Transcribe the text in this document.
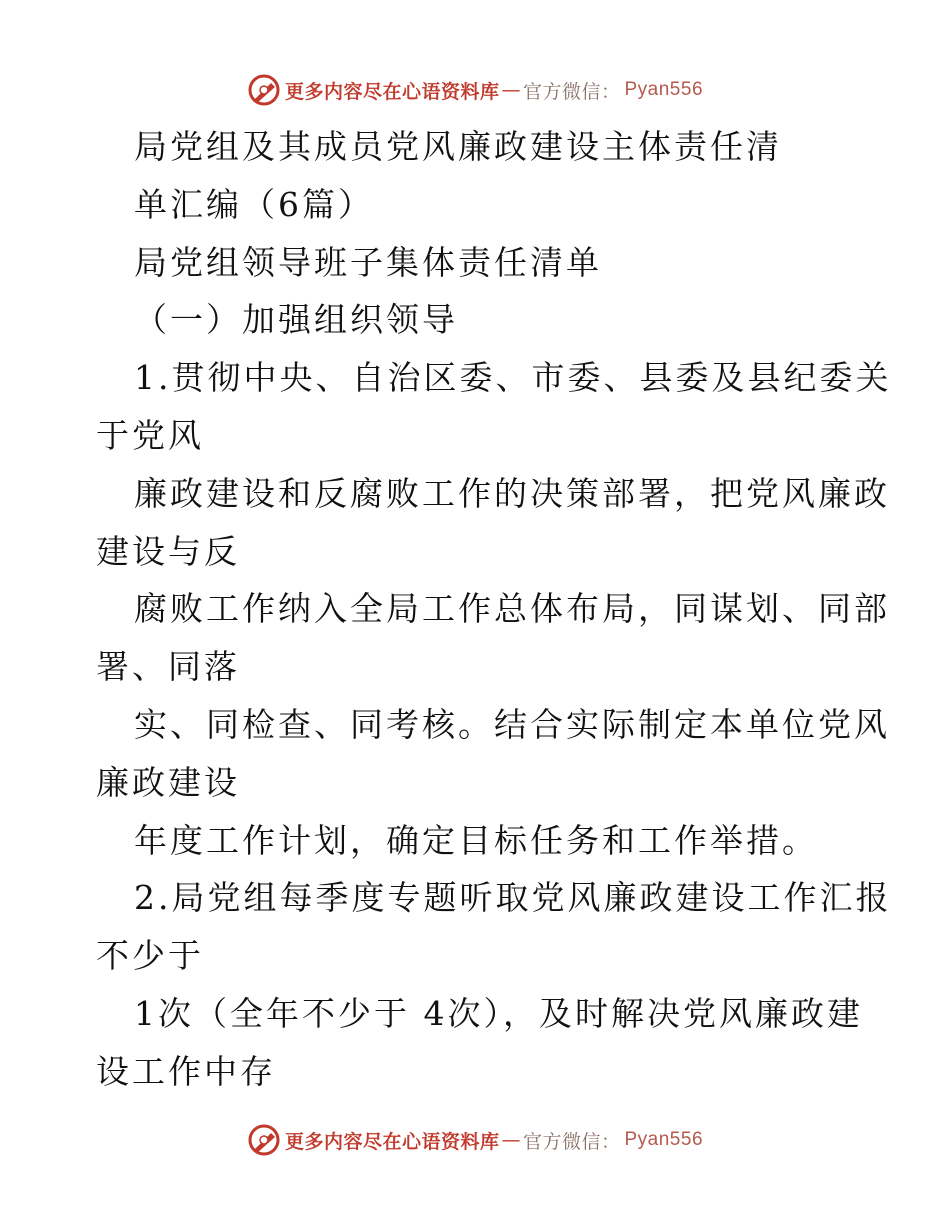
更多内容尽在心语资料库 — 官方微信： Pyan556
局党组及其成员党风廉政建设主体责任清
单汇编（6篇）
局党组领导班子集体责任清单
（一）加强组织领导
1.贯彻中央、自治区委、市委、县委及县纪委关
于党风
廉政建设和反腐败工作的决策部署，把党风廉政
建设与反
腐败工作纳入全局工作总体布局，同谋划、同部
署、同落
实、同检查、同考核。结合实际制定本单位党风
廉政建设
年度工作计划，确定目标任务和工作举措。
2.局党组每季度专题听取党风廉政建设工作汇报
不少于
1次（全年不少于 4次），及时解决党风廉政建
设工作中存
更多内容尽在心语资料库 — 官方微信： Pyan556
